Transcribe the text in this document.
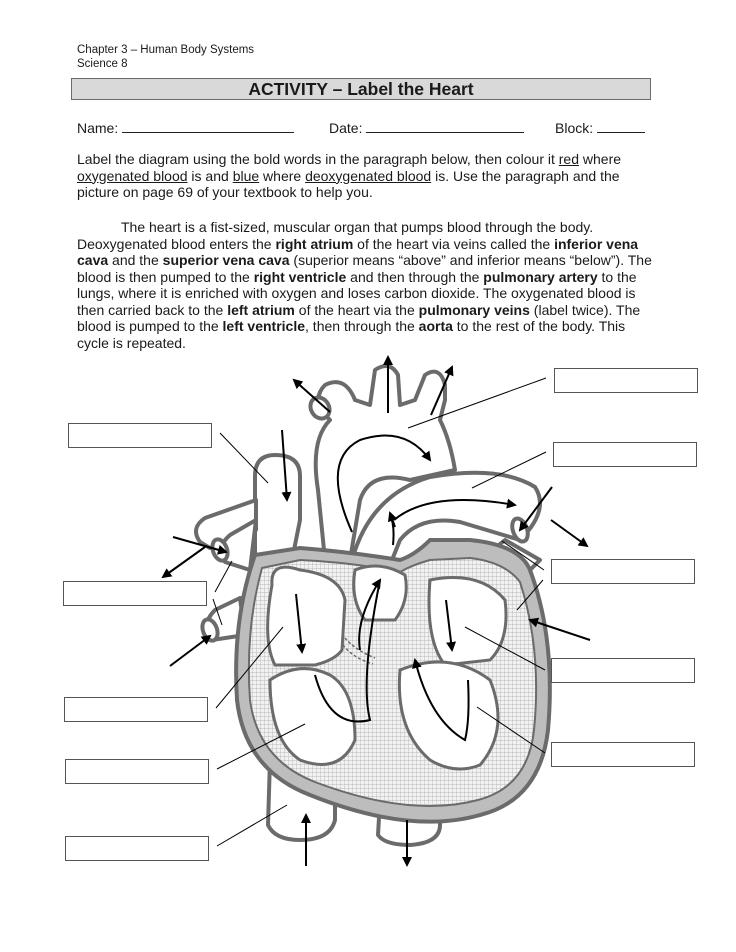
Chapter 3 – Human Body Systems
Science 8
ACTIVITY – Label the Heart
Name:	Date:	Block:
Label the diagram using the bold words in the paragraph below, then colour it red where oxygenated blood is and blue where deoxygenated blood is. Use the paragraph and the picture on page 69 of your textbook to help you.
The heart is a fist-sized, muscular organ that pumps blood through the body. Deoxygenated blood enters the right atrium of the heart via veins called the inferior vena cava and the superior vena cava (superior means “above” and inferior means “below”). The blood is then pumped to the right ventricle and then through the pulmonary artery to the lungs, where it is enriched with oxygen and loses carbon dioxide. The oxygenated blood is then carried back to the left atrium of the heart via the pulmonary veins (label twice). The blood is pumped to the left ventricle, then through the aorta to the rest of the body. This cycle is repeated.
